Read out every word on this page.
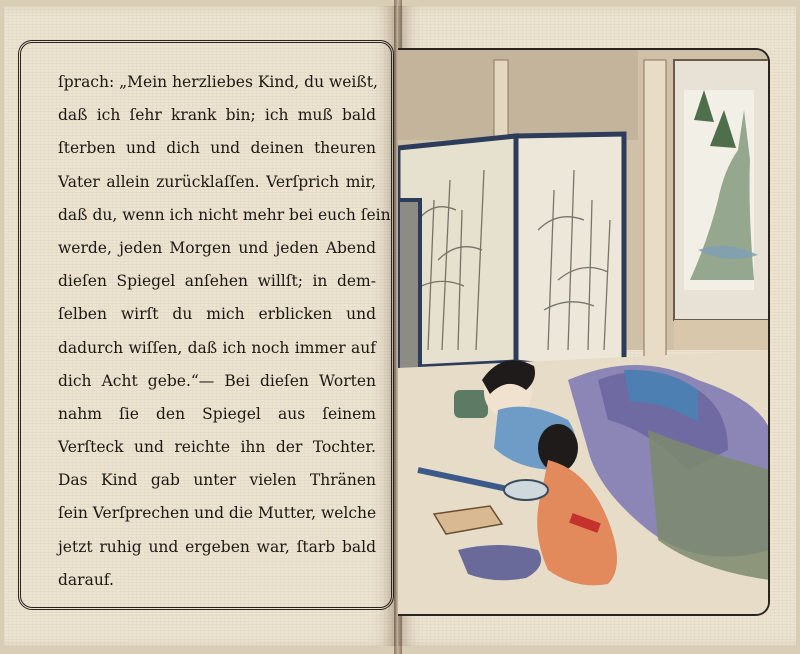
ſprach: „Mein herzliebes Kind, du weißt,
daß ich ſehr krank bin; ich muß bald
ſterben und dich und deinen theuren
Vater allein zurücklaſſen. Verſprich mir,
daß du, wenn ich nicht mehr bei euch ſein
werde, jeden Morgen und jeden Abend
dieſen Spiegel anſehen willſt; in dem-
ſelben wirſt du mich erblicken und
dadurch wiſſen, daß ich noch immer auf
dich Acht gebe.“— Bei dieſen Worten
nahm ſie den Spiegel aus ſeinem
Verſteck und reichte ihn der Tochter.
Das Kind gab unter vielen Thränen
ſein Verſprechen und die Mutter, welche
jetzt ruhig und ergeben war, ſtarb bald
darauf.
